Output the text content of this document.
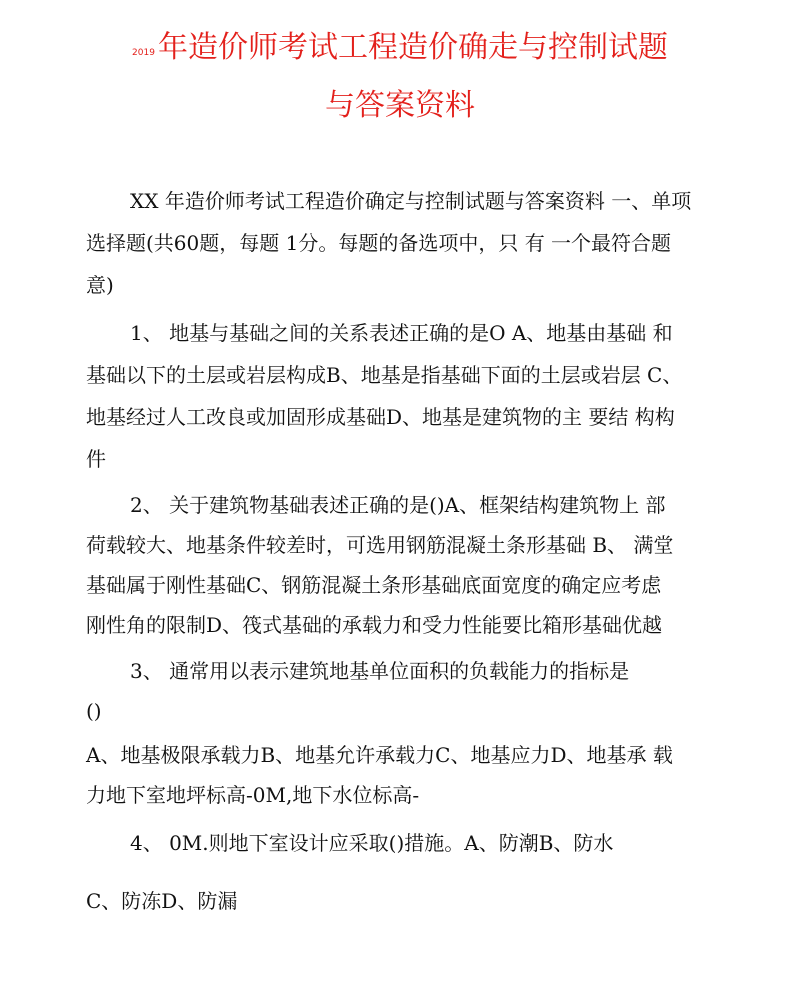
2019 年造价师考试工程造价确走与控制试题
与答案资料
XX 年造价师考试工程造价确定与控制试题与答案资料 一、单项
选择题(共60题，每题 1分。每题的备选项中，只 有 一个最符合题
意)
1、 地基与基础之间的关系表述正确的是O A、地基由基础 和
基础以下的土层或岩层构成B、地基是指基础下面的土层或岩层 C、
地基经过人工改良或加固形成基础D、地基是建筑物的主 要结 构构
件
2、 关于建筑物基础表述正确的是()A、框架结构建筑物上 部
荷载较大、地基条件较差时，可选用钢筋混凝土条形基础 B、 满堂
基础属于刚性基础C、钢筋混凝土条形基础底面宽度的确定应考虑
刚性角的限制D、筏式基础的承载力和受力性能要比箱形基础优越
3、 通常用以表示建筑地基单位面积的负载能力的指标是
()
A、地基极限承载力B、地基允许承载力C、地基应力D、地基承 载
力地下室地坪标高-0M,地下水位标高-
4、 0M.则地下室设计应采取()措施。A、防潮B、防水
C、防冻D、防漏
